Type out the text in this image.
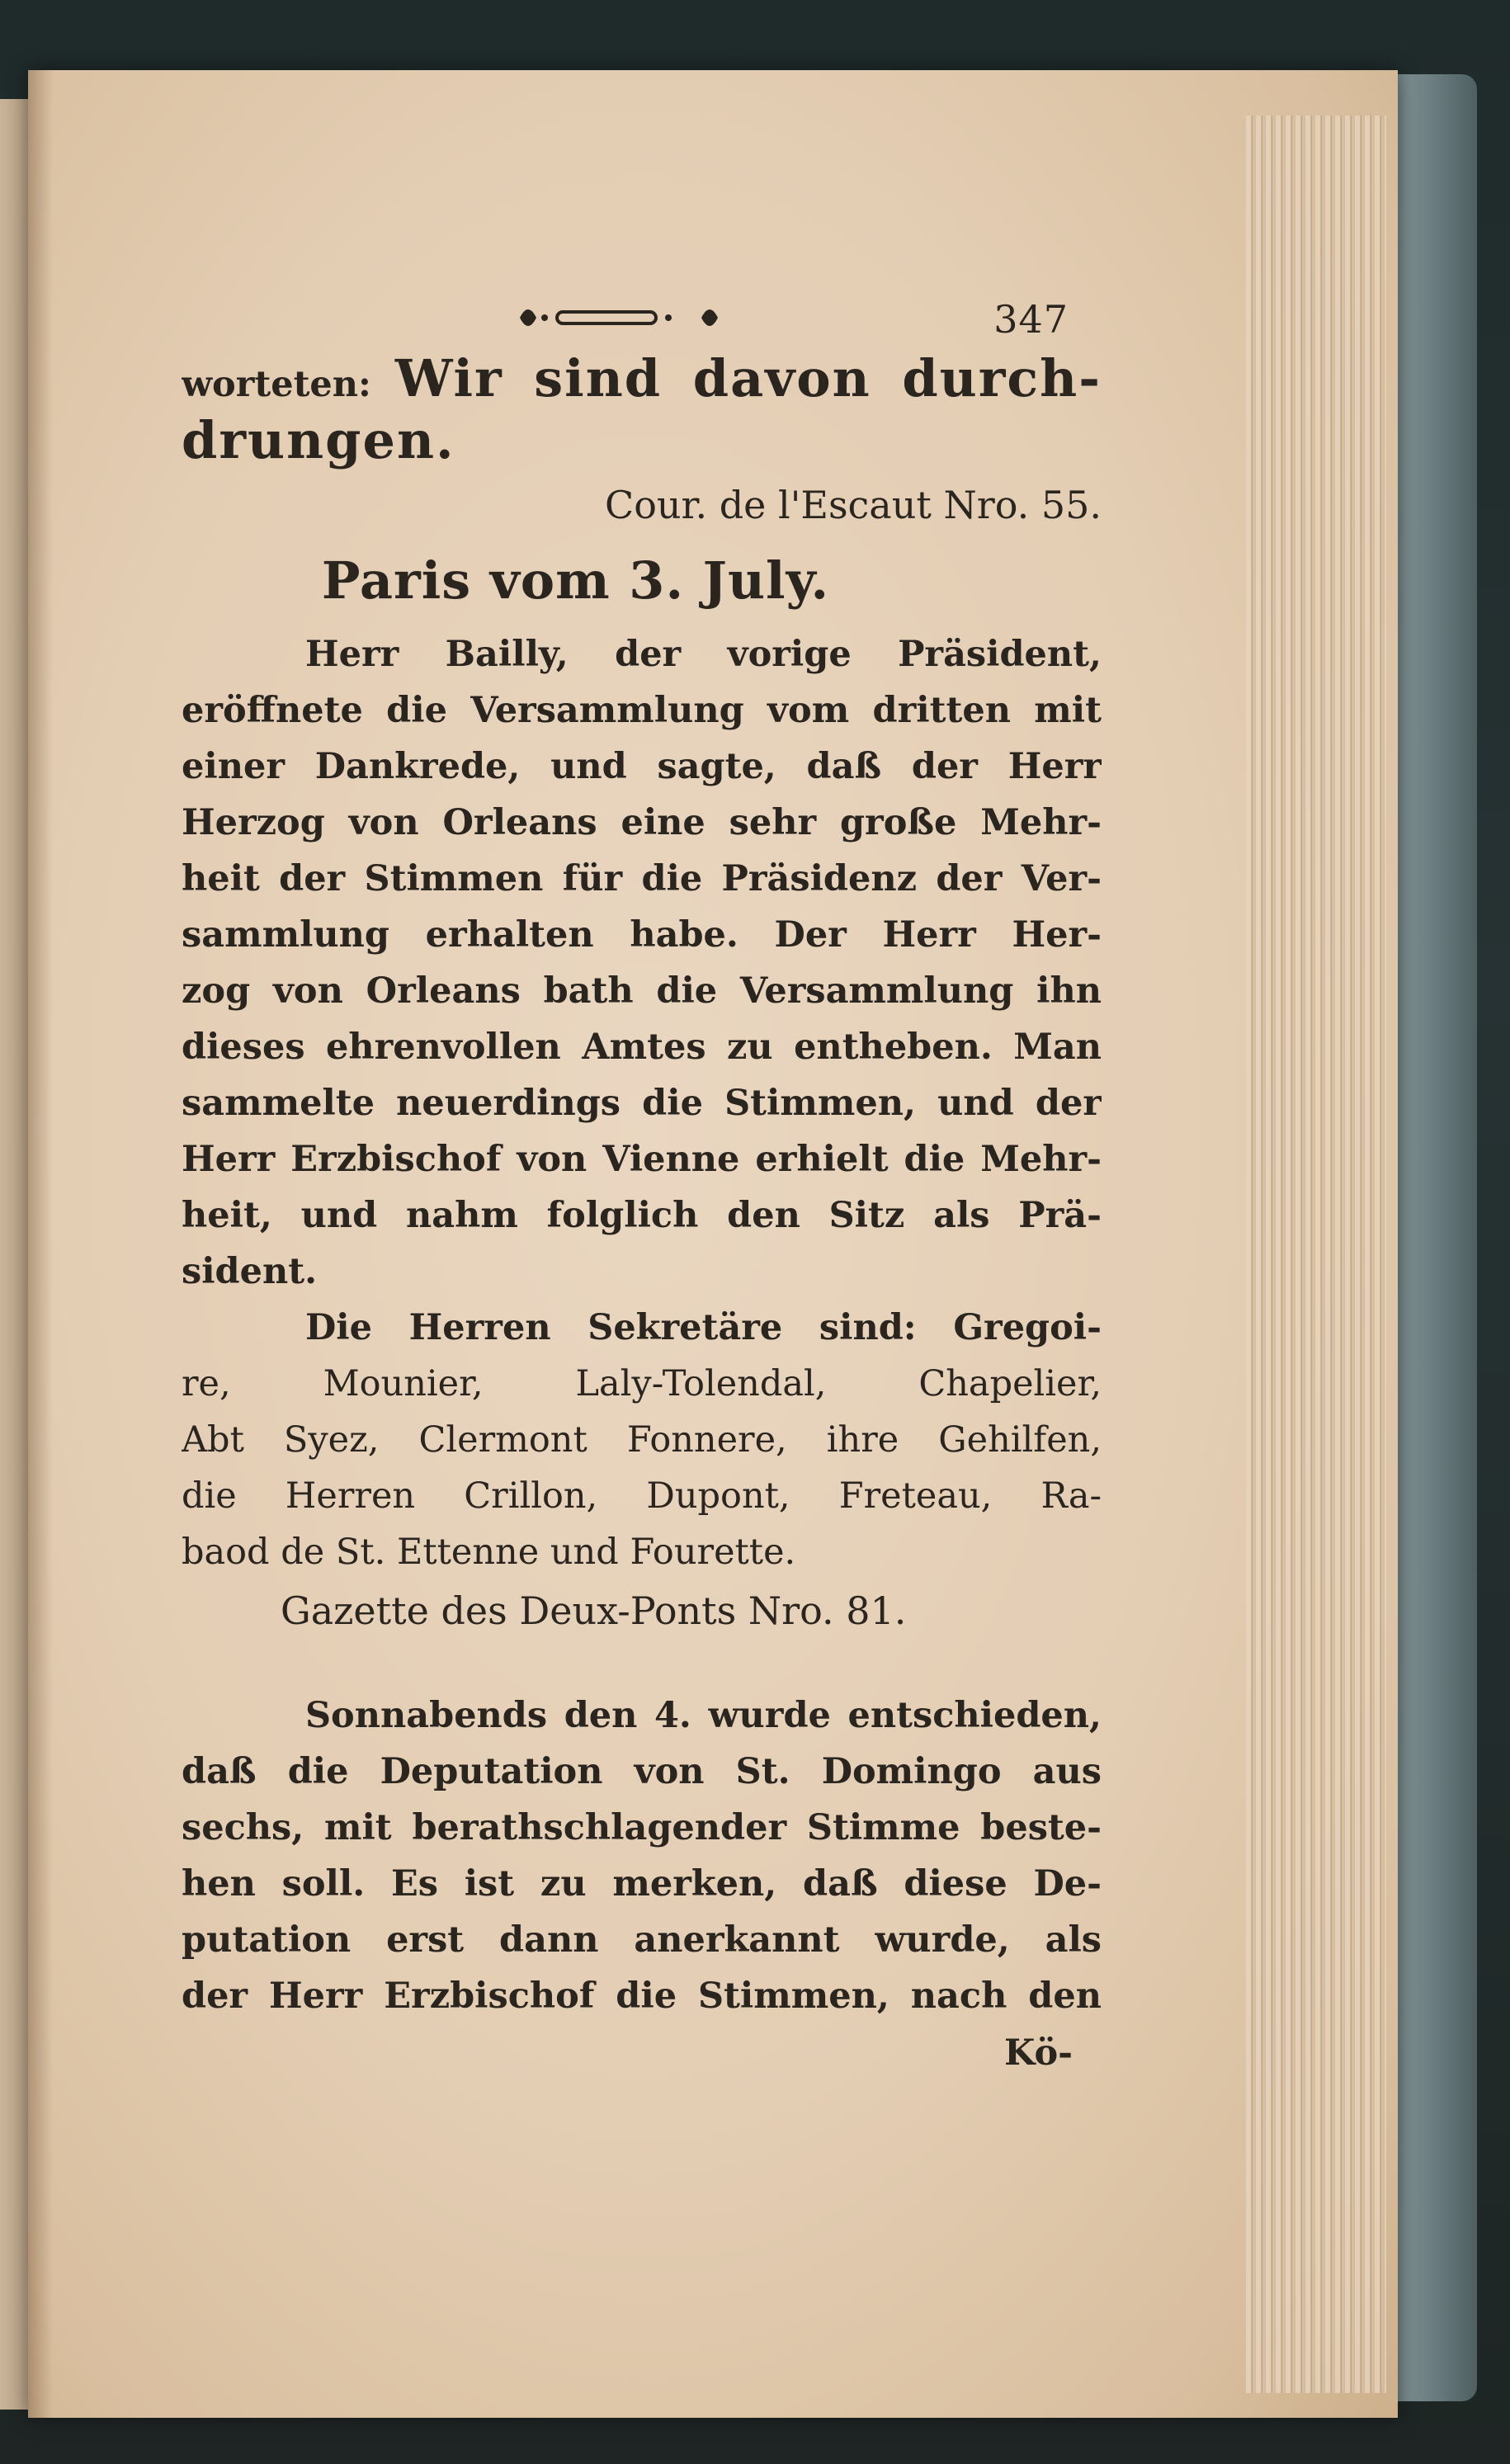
347
worteten: Wir sind davon durch-
drungen.
Cour. de l'Escaut Nro. 55.
Paris vom 3. July.
Herr Bailly, der vorige Präsident,
eröffnete die Versammlung vom dritten mit
einer Dankrede, und sagte, daß der Herr
Herzog von Orleans eine sehr große Mehr-
heit der Stimmen für die Präsidenz der Ver-
sammlung erhalten habe. Der Herr Her-
zog von Orleans bath die Versammlung ihn
dieses ehrenvollen Amtes zu entheben. Man
sammelte neuerdings die Stimmen, und der
Herr Erzbischof von Vienne erhielt die Mehr-
heit, und nahm folglich den Sitz als Prä-
sident.
Die Herren Sekretäre sind: Gregoi-
re, Mounier, Laly-Tolendal, Chapelier,
Abt Syez, Clermont Fonnere, ihre Gehilfen,
die Herren Crillon, Dupont, Freteau, Ra-
baod de St. Ettenne und Fourette.
Gazette des Deux-Ponts Nro. 81.
Sonnabends den 4. wurde entschieden,
daß die Deputation von St. Domingo aus
sechs, mit berathschlagender Stimme beste-
hen soll. Es ist zu merken, daß diese De-
putation erst dann anerkannt wurde, als
der Herr Erzbischof die Stimmen, nach den
Kö-
